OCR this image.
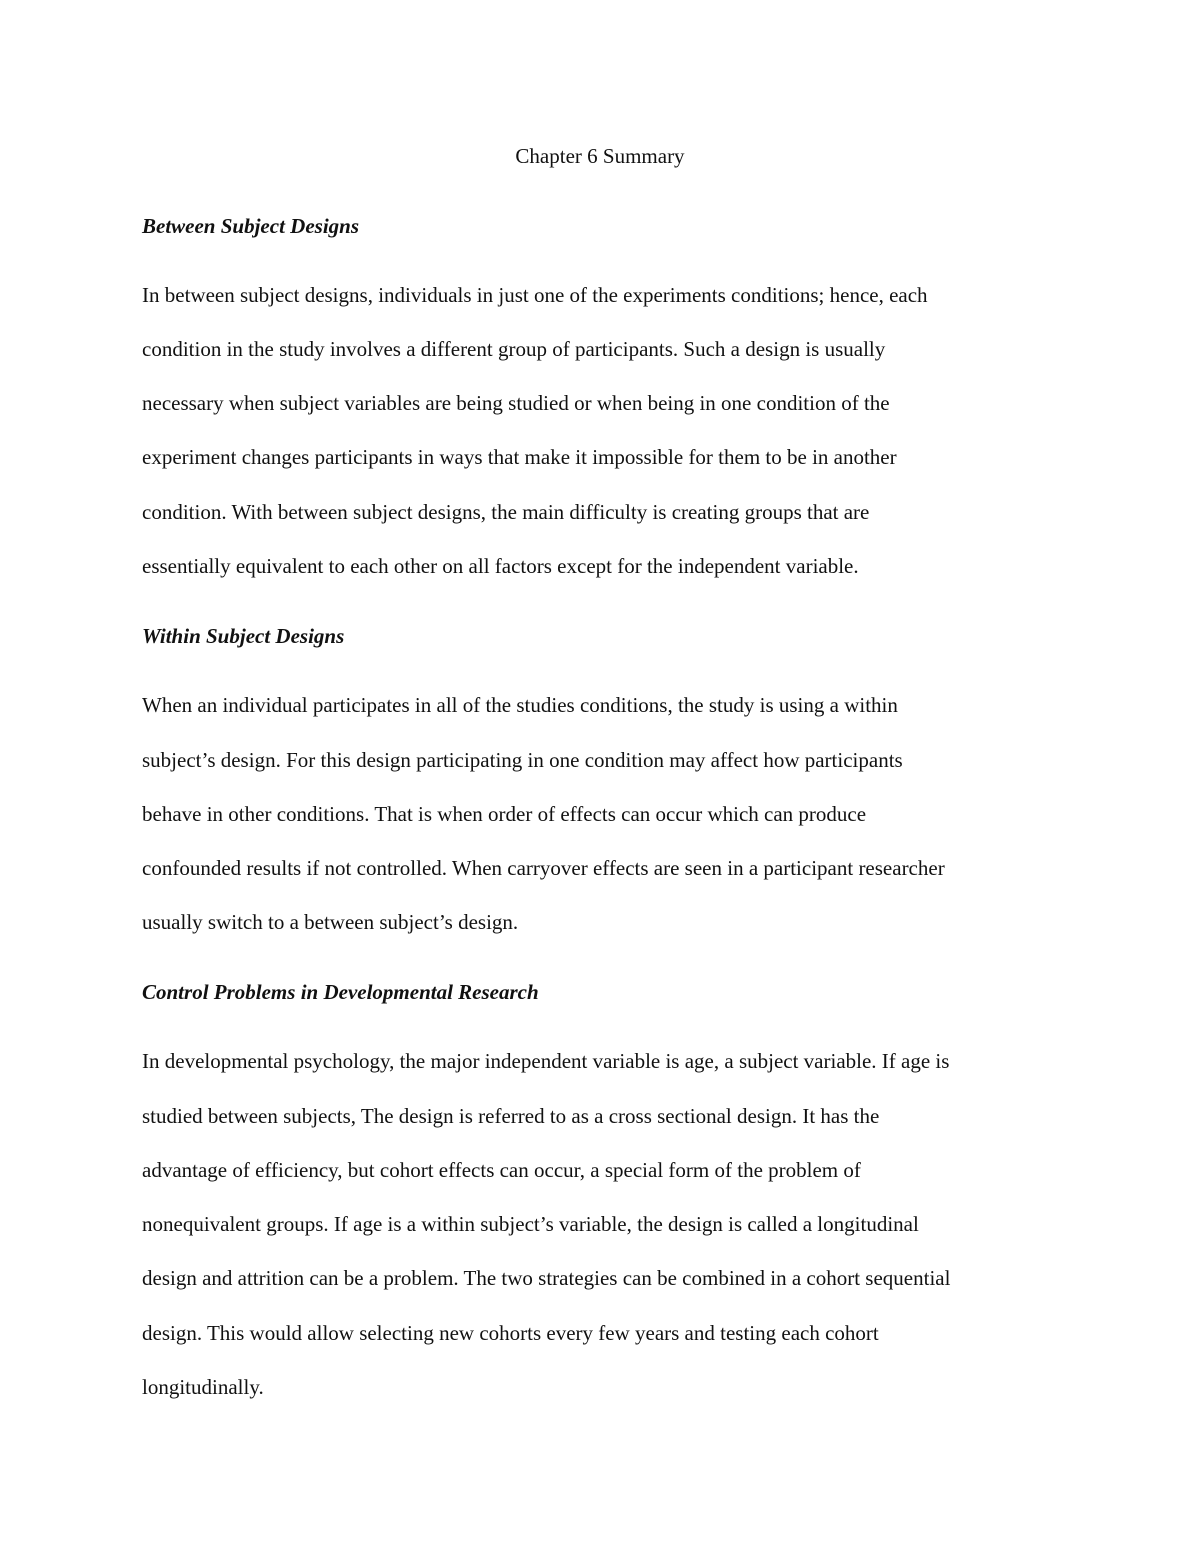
Chapter 6 Summary
Between Subject Designs

In between subject designs, individuals in just one of the experiments conditions; hence, each

condition in the study involves a different group of participants. Such a design is usually

necessary when subject variables are being studied or when being in one condition of the

experiment changes participants in ways that make it impossible for them to be in another

condition. With between subject designs, the main difficulty is creating groups that are

essentially equivalent to each other on all factors except for the independent variable.

Within Subject Designs

When an individual participates in all of the studies conditions, the study is using a within

subject’s design. For this design participating in one condition may affect how participants

behave in other conditions. That is when order of effects can occur which can produce

confounded results if not controlled. When carryover effects are seen in a participant researcher

usually switch to a between subject’s design.

Control Problems in Developmental Research

In developmental psychology, the major independent variable is age, a subject variable. If age is

studied between subjects, The design is referred to as a cross sectional design. It has the

advantage of efficiency, but cohort effects can occur, a special form of the problem of

nonequivalent groups. If age is a within subject’s variable, the design is called a longitudinal

design and attrition can be a problem. The two strategies can be combined in a cohort sequential

design. This would allow selecting new cohorts every few years and testing each cohort

longitudinally.
